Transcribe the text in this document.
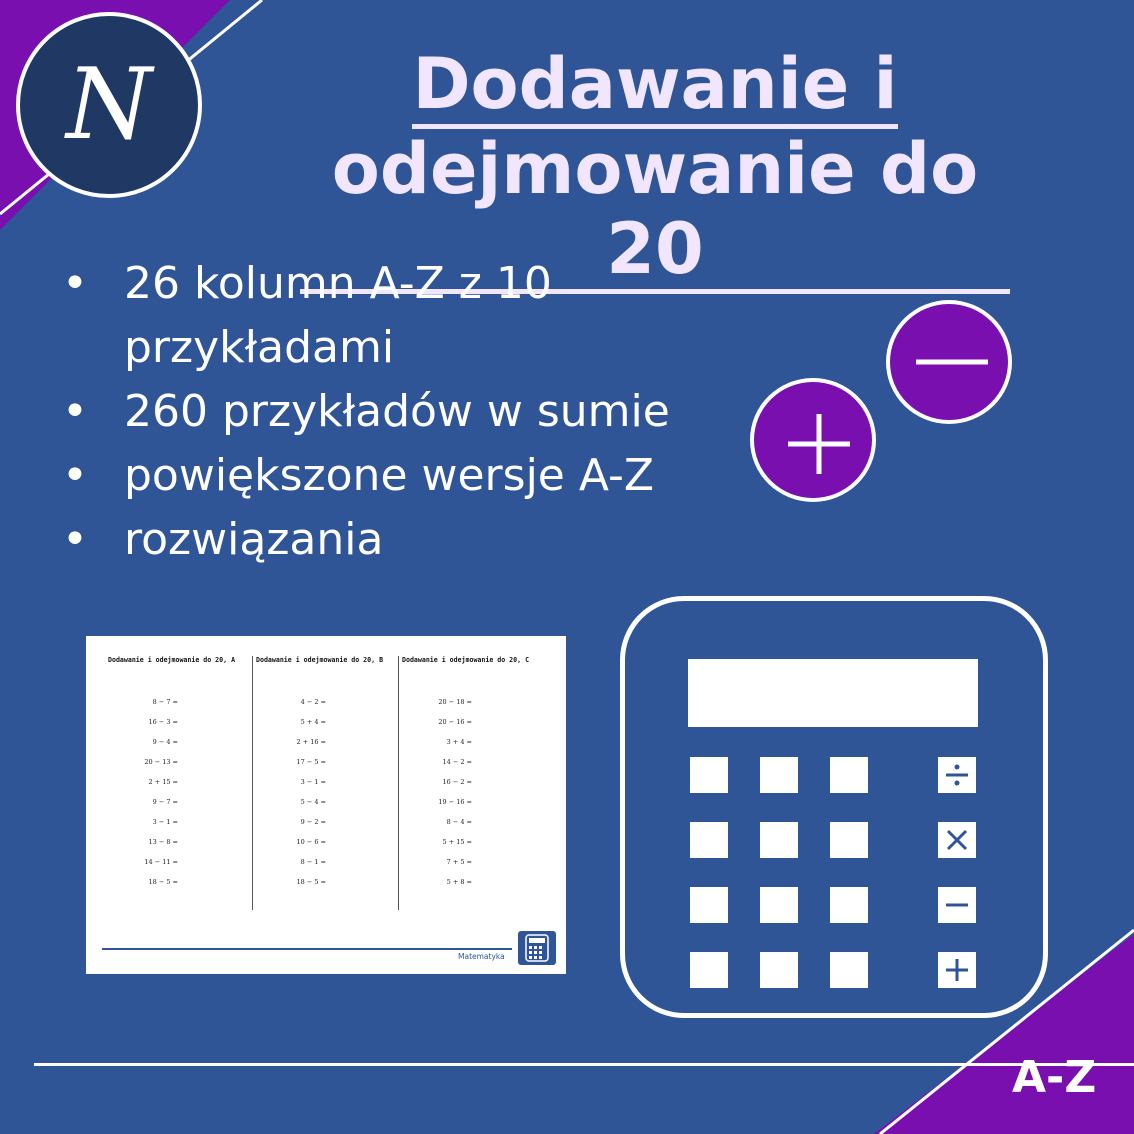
N	Dodawanie i
odejmowanie do 20
• 26 kolumn A-Z z 10 przykładami
• 260 przykładów w sumie
• powiększone wersje A-Z
• rozwiązania
Dodawanie i odejmowanie do 20, A
8 − 7 =
16 − 3 =
9 − 4 =
20 − 13 =
2 + 15 =
9 − 7 =
3 − 1 =
13 − 8 =
14 − 11 =
18 − 5 =
Dodawanie i odejmowanie do 20, B
4 − 2 =
5 + 4 =
2 + 16 =
17 − 5 =
3 − 1 =
5 − 4 =
9 − 2 =
10 − 6 =
8 − 1 =
18 − 5 =
Dodawanie i odejmowanie do 20, C
20 − 18 =
20 − 16 =
3 + 4 =
14 − 2 =
16 − 2 =
19 − 16 =
8 − 4 =
5 + 15 =
7 + 5 =
5 + 8 =
Matematyka
A-Z
